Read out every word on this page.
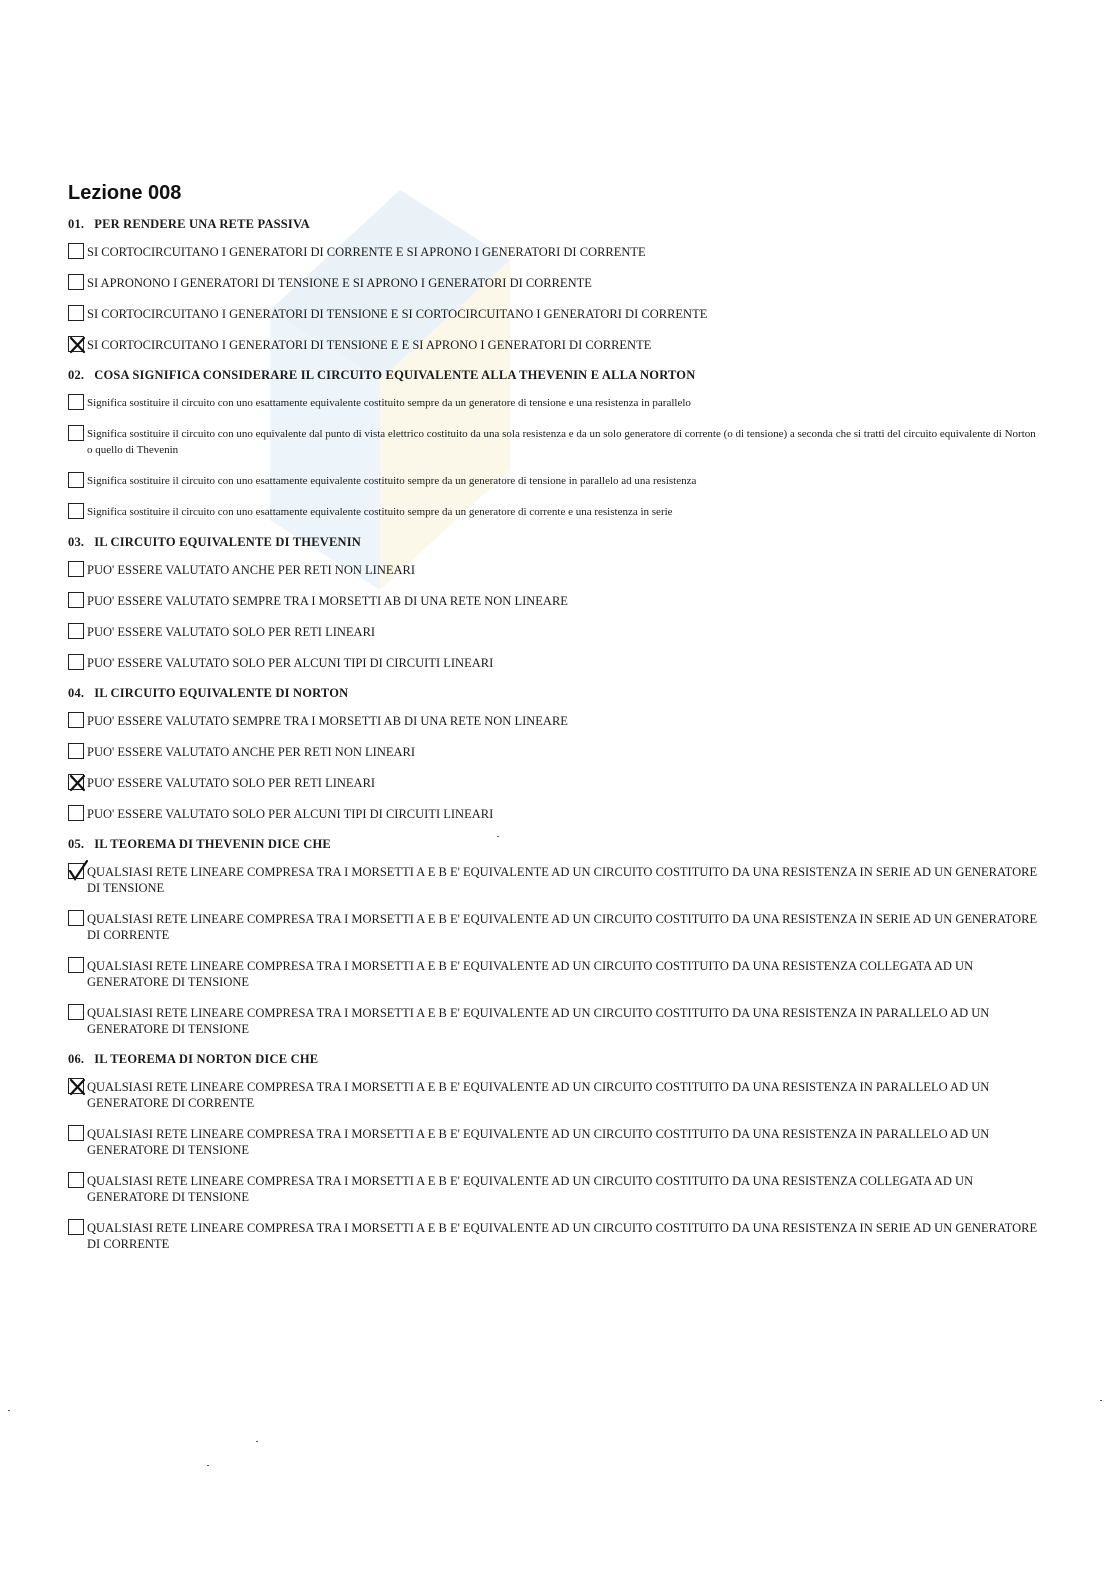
Lezione 008
01. PER RENDERE UNA RETE PASSIVA
SI CORTOCIRCUITANO I GENERATORI DI CORRENTE E SI APRONO I GENERATORI DI CORRENTE
SI APRONONO I GENERATORI DI TENSIONE E SI APRONO I GENERATORI DI CORRENTE
SI CORTOCIRCUITANO I GENERATORI DI TENSIONE E SI CORTOCIRCUITANO I GENERATORI DI CORRENTE
SI CORTOCIRCUITANO I GENERATORI DI TENSIONE E E SI APRONO I GENERATORI DI CORRENTE
02. COSA SIGNIFICA CONSIDERARE IL CIRCUITO EQUIVALENTE ALLA THEVENIN E ALLA NORTON
Significa sostituire il circuito con uno esattamente equivalente costituito sempre da un generatore di tensione e una resistenza in parallelo
Significa sostituire il circuito con uno equivalente dal punto di vista elettrico costituito da una sola resistenza e da un solo generatore di corrente (o di tensione) a seconda che si tratti del circuito equivalente di Norton o quello di Thevenin
Significa sostituire il circuito con uno esattamente equivalente costituito sempre da un generatore di tensione in parallelo ad una resistenza
Significa sostituire il circuito con uno esattamente equivalente costituito sempre da un generatore di corrente e una resistenza in serie
03. IL CIRCUITO EQUIVALENTE DI THEVENIN
PUO' ESSERE VALUTATO ANCHE PER RETI NON LINEARI
PUO' ESSERE VALUTATO SEMPRE TRA I MORSETTI AB DI UNA RETE NON LINEARE
PUO' ESSERE VALUTATO SOLO PER RETI LINEARI
PUO' ESSERE VALUTATO SOLO PER ALCUNI TIPI DI CIRCUITI LINEARI
04. IL CIRCUITO EQUIVALENTE DI NORTON
PUO' ESSERE VALUTATO SEMPRE TRA I MORSETTI AB DI UNA RETE NON LINEARE
PUO' ESSERE VALUTATO ANCHE PER RETI NON LINEARI
PUO' ESSERE VALUTATO SOLO PER RETI LINEARI
PUO' ESSERE VALUTATO SOLO PER ALCUNI TIPI DI CIRCUITI LINEARI
05. IL TEOREMA DI THEVENIN DICE CHE
QUALSIASI RETE LINEARE COMPRESA TRA I MORSETTI A E B E' EQUIVALENTE AD UN CIRCUITO COSTITUITO DA UNA RESISTENZA IN SERIE AD UN GENERATORE DI TENSIONE
QUALSIASI RETE LINEARE COMPRESA TRA I MORSETTI A E B E' EQUIVALENTE AD UN CIRCUITO COSTITUITO DA UNA RESISTENZA IN SERIE AD UN GENERATORE DI CORRENTE
QUALSIASI RETE LINEARE COMPRESA TRA I MORSETTI A E B E' EQUIVALENTE AD UN CIRCUITO COSTITUITO DA UNA RESISTENZA COLLEGATA AD UN GENERATORE DI TENSIONE
QUALSIASI RETE LINEARE COMPRESA TRA I MORSETTI A E B E' EQUIVALENTE AD UN CIRCUITO COSTITUITO DA UNA RESISTENZA IN PARALLELO AD UN GENERATORE DI TENSIONE
06. IL TEOREMA DI NORTON DICE CHE
QUALSIASI RETE LINEARE COMPRESA TRA I MORSETTI A E B E' EQUIVALENTE AD UN CIRCUITO COSTITUITO DA UNA RESISTENZA IN PARALLELO AD UN GENERATORE DI CORRENTE
QUALSIASI RETE LINEARE COMPRESA TRA I MORSETTI A E B E' EQUIVALENTE AD UN CIRCUITO COSTITUITO DA UNA RESISTENZA IN PARALLELO AD UN GENERATORE DI TENSIONE
QUALSIASI RETE LINEARE COMPRESA TRA I MORSETTI A E B E' EQUIVALENTE AD UN CIRCUITO COSTITUITO DA UNA RESISTENZA COLLEGATA AD UN GENERATORE DI TENSIONE
QUALSIASI RETE LINEARE COMPRESA TRA I MORSETTI A E B E' EQUIVALENTE AD UN CIRCUITO COSTITUITO DA UNA RESISTENZA IN SERIE AD UN GENERATORE DI CORRENTE
